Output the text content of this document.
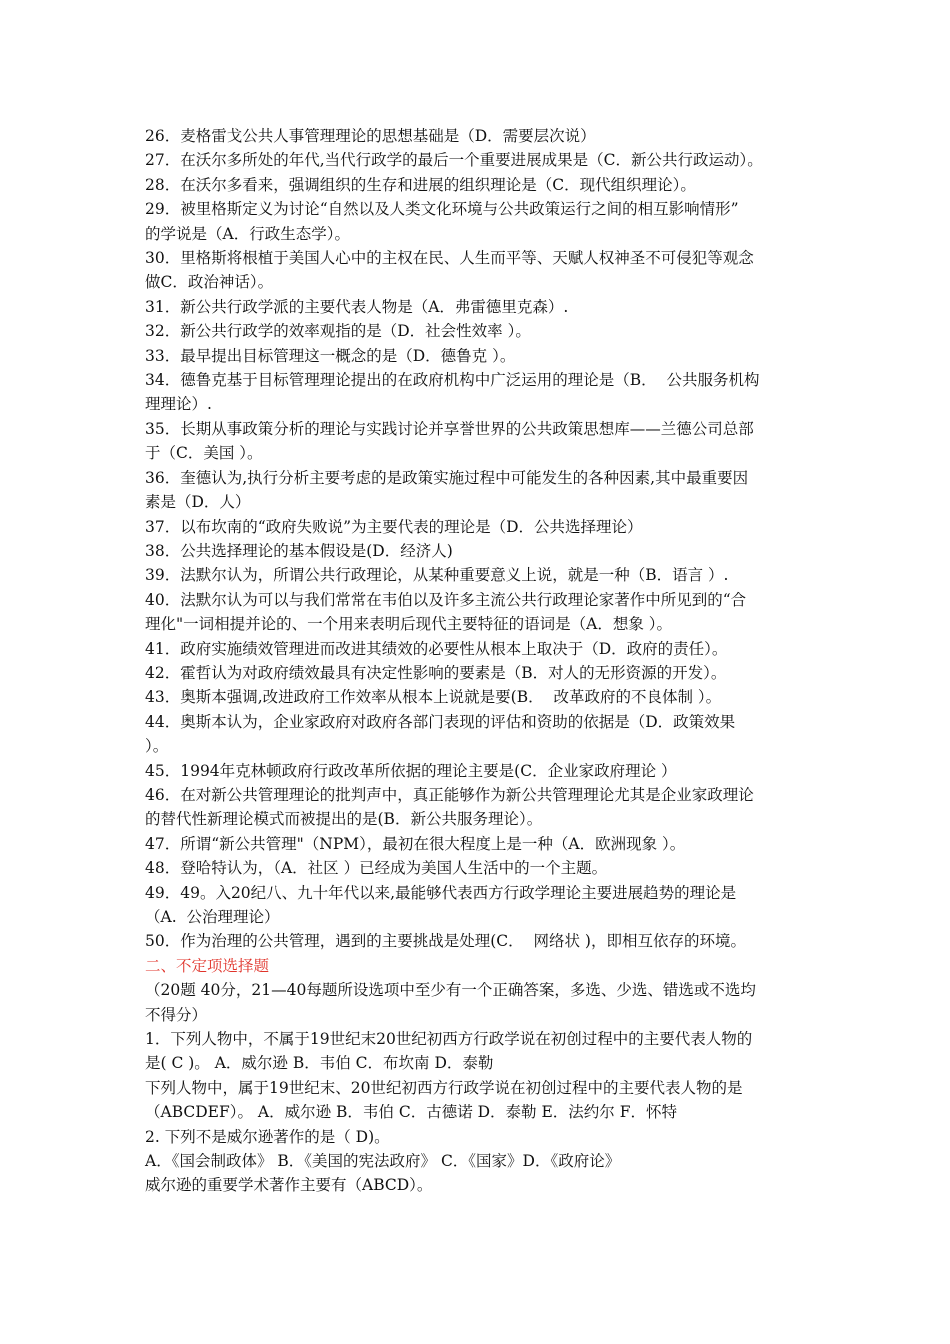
26．麦格雷戈公共人事管理理论的思想基础是（D．需要层次说）
27．在沃尔多所处的年代,当代行政学的最后一个重要进展成果是（C．新公共行政运动）。
28．在沃尔多看来，强调组织的生存和进展的组织理论是（C．现代组织理论）。
29．被里格斯定义为讨论“自然以及人类文化环境与公共政策运行之间的相互影响情形”
的学说是（A．行政生态学）。
30．里格斯将根植于美国人心中的主权在民、人生而平等、天赋人权神圣不可侵犯等观念
做C．政治神话）。
31．新公共行政学派的主要代表人物是（A．弗雷德里克森）.
32．新公共行政学的效率观指的是（D．社会性效率 ）。
33．最早提出目标管理这一概念的是（D．德鲁克 ）。
34．德鲁克基于目标管理理论提出的在政府机构中广泛运用的理论是（B．  公共服务机构
理理论）.
35．长期从事政策分析的理论与实践讨论并享誉世界的公共政策思想库——兰德公司总部
于（C．美国 ）。
36．奎德认为,执行分析主要考虑的是政策实施过程中可能发生的各种因素,其中最重要因
素是（D．人）
37．以布坎南的“政府失败说”为主要代表的理论是（D．公共选择理论）
38．公共选择理论的基本假设是(D．经济人)
39．法默尔认为，所谓公共行政理论，从某种重要意义上说，就是一种（B．语言 ）.
40．法默尔认为可以与我们常常在韦伯以及许多主流公共行政理论家著作中所见到的“合
理化"一词相提并论的、一个用来表明后现代主要特征的语词是（A．想象 ）。
41．政府实施绩效管理进而改进其绩效的必要性从根本上取决于（D．政府的责任）。
42．霍哲认为对政府绩效最具有决定性影响的要素是（B．对人的无形资源的开发）。
43．奥斯本强调,改进政府工作效率从根本上说就是要(B．  改革政府的不良体制 ）。
44．奥斯本认为，企业家政府对政府各部门表现的评估和资助的依据是（D．政策效果
）。
45．1994年克林顿政府行政改革所依据的理论主要是(C．企业家政府理论 ）
46．在对新公共管理理论的批判声中，真正能够作为新公共管理理论尤其是企业家政理论
的替代性新理论模式而被提出的是(B．新公共服务理论）。
47．所谓“新公共管理"（NPM），最初在很大程度上是一种（A．欧洲现象 ）。
48．登哈特认为，（A．社区 ）已经成为美国人生活中的一个主题。
49．49。入20纪八、九十年代以来,最能够代表西方行政学理论主要进展趋势的理论是
（A.  公治理理论）
50．作为治理的公共管理，遇到的主要挑战是处理(C．  网络状 )，即相互依存的环境。
二、不定项选择题
（20题 40分，21—40每题所设选项中至少有一个正确答案，多选、少选、错选或不选均
不得分）
1．下列人物中，不属于19世纪末20世纪初西方行政学说在初创过程中的主要代表人物的
是( C )。 A．威尔逊 B．韦伯 C．布坎南 D．泰勒
下列人物中，属于19世纪末、20世纪初西方行政学说在初创过程中的主要代表人物的是
（ABCDEF）。 A．威尔逊 B．韦伯 C．古德诺 D．泰勒 E．法约尔 F．怀特
2. 下列不是威尔逊著作的是（ D)。
A．《国会制政体》 B．《美国的宪法政府》 C．《国家》D．《政府论》
威尔逊的重要学术著作主要有（ABCD）。
